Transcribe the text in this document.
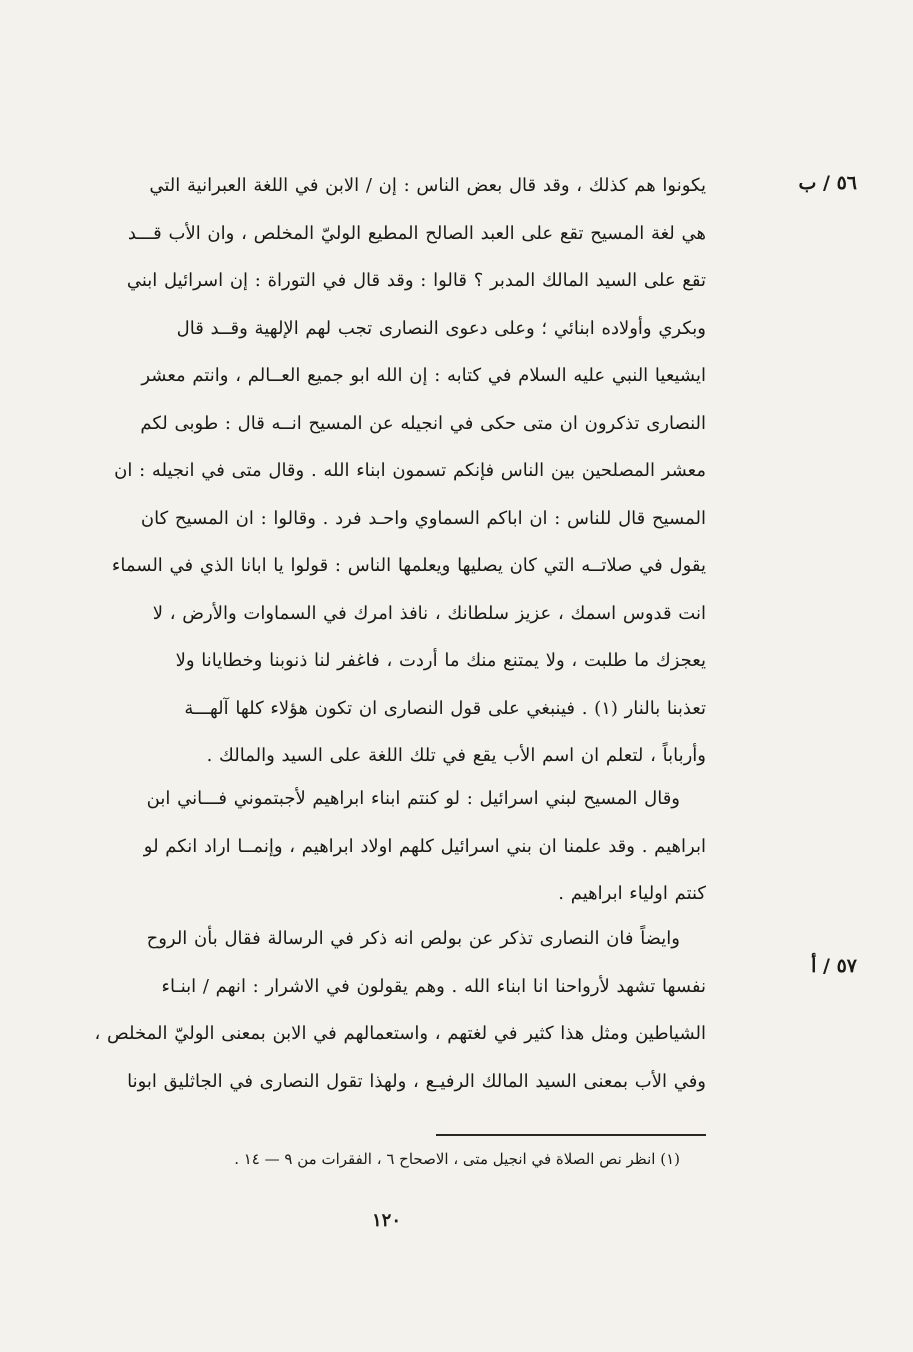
٥٦ / ب
يكونوا هم كذلك ، وقد قال بعض الناس : إن / الابن في اللغة العبرانية التي
هي لغة المسيح تقع على العبد الصالح المطيع الوليّ المخلص ، وان الأب قـــد
تقع على السيد المالك المدبر ؟ قالوا : وقد قال في التوراة : إن اسرائيل ابني
وبكري وأولاده ابنائي ؛ وعلى دعوى النصارى تجب لهم الإلهية وقــد قال
ايشيعيا النبي عليه السلام في كتابه : إن الله ابو جميع العــالم ، وانتم معشر
النصارى تذكرون ان متى حكى في انجيله عن المسيح انــه قال : طوبى لكم
معشر المصلحين بين الناس فإنكم تسمون ابناء الله . وقال متى في انجيله : ان
المسيح قال للناس : ان اباكم السماوي واحـد فرد . وقالوا : ان المسيح كان
يقول في صلاتــه التي كان يصليها ويعلمها الناس : قولوا يا ابانا الذي في السماء
انت قدوس اسمك ، عزيز سلطانك ، نافذ امرك في السماوات والأرض ، لا
يعجزك ما طلبت ، ولا يمتنع منك ما أردت ، فاغفر لنا ذنوبنا وخطايانا ولا
تعذبنا بالنار (١) . فينبغي على قول النصارى ان تكون هؤلاء كلها آلهـــة
وأرباباً ، لتعلم ان اسم الأب يقع في تلك اللغة على السيد والمالك .
وقال المسيح لبني اسرائيل : لو كنتم ابناء ابراهيم لأجبتموني فـــاني ابن
ابراهيم . وقد علمنا ان بني اسرائيل كلهم اولاد ابراهيم ، وإنمــا اراد انكم لو
كنتم اولياء ابراهيم .
٥٧ / أ
وايضاً فان النصارى تذكر عن بولص انه ذكر في الرسالة فقال بأن الروح
نفسها تشهد لأرواحنا انا ابناء الله . وهم يقولون في الاشرار : انهم / ابنـاء
الشياطين ومثل هذا كثير في لغتهم ، واستعمالهم في الابن بمعنى الوليّ المخلص ،
وفي الأب بمعنى السيد المالك الرفيـع ، ولهذا تقول النصارى في الجاثليق ابونا
(١) انظر نص الصلاة في انجيل متى ، الاصحاح ٦ ، الفقرات من ٩ — ١٤ .
١٢٠
